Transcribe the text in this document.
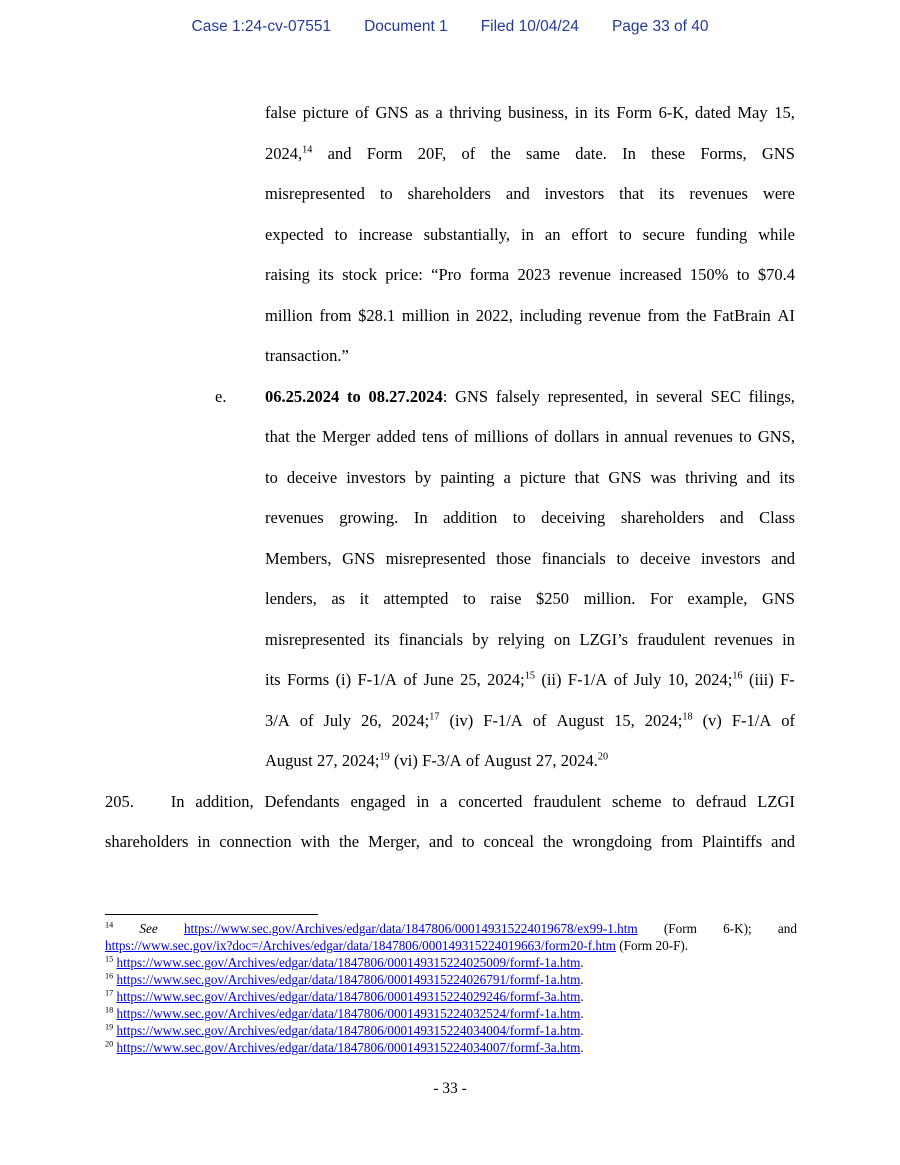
Case 1:24-cv-07551 Document 1 Filed 10/04/24 Page 33 of 40
false picture of GNS as a thriving business, in its Form 6-K, dated May 15,
2024,14 and Form 20F, of the same date. In these Forms, GNS
misrepresented to shareholders and investors that its revenues were
expected to increase substantially, in an effort to secure funding while
raising its stock price: “Pro forma 2023 revenue increased 150% to $70.4
million from $28.1 million in 2022, including revenue from the FatBrain AI
transaction.”
e. 06.25.2024 to 08.27.2024: GNS falsely represented, in several SEC filings,
that the Merger added tens of millions of dollars in annual revenues to GNS,
to deceive investors by painting a picture that GNS was thriving and its
revenues growing. In addition to deceiving shareholders and Class
Members, GNS misrepresented those financials to deceive investors and
lenders, as it attempted to raise $250 million. For example, GNS
misrepresented its financials by relying on LZGI’s fraudulent revenues in
its Forms (i) F-1/A of June 25, 2024;$^{15}$ (ii) F-1/A of July 10, 2024;$^{16}$ (iii) F-
3/A of July 26, 2024;$^{17}$ (iv) F-1/A of August 15, 2024;$^{18}$ (v) F-1/A of
August 27, 2024;$^{19}$ (vi) F-3/A of August 27, 2024.20
205. In addition, Defendants engaged in a concerted fraudulent scheme to defraud LZGI
shareholders in connection with the Merger, and to conceal the wrongdoing from Plaintiffs and
$^{14}$ See https://www.sec.gov/Archives/edgar/data/1847806/000149315224019678/ex99-1.htm (Form 6-K); and
https://www.sec.gov/ix?doc=/Archives/edgar/data/1847806/000149315224019663/form20-f.htm (Form 20-F).
$^{15}$ https://www.sec.gov/Archives/edgar/data/1847806/000149315224025009/formf-1a.htm.
$^{16}$ https://www.sec.gov/Archives/edgar/data/1847806/000149315224026791/formf-1a.htm.
$^{17}$ https://www.sec.gov/Archives/edgar/data/1847806/000149315224029246/formf-3a.htm.
$^{18}$ https://www.sec.gov/Archives/edgar/data/1847806/000149315224032524/formf-1a.htm.
$^{19}$ https://www.sec.gov/Archives/edgar/data/1847806/000149315224034004/formf-1a.htm.
$^{20}$ https://www.sec.gov/Archives/edgar/data/1847806/000149315224034007/formf-3a.htm.
- 33 -
